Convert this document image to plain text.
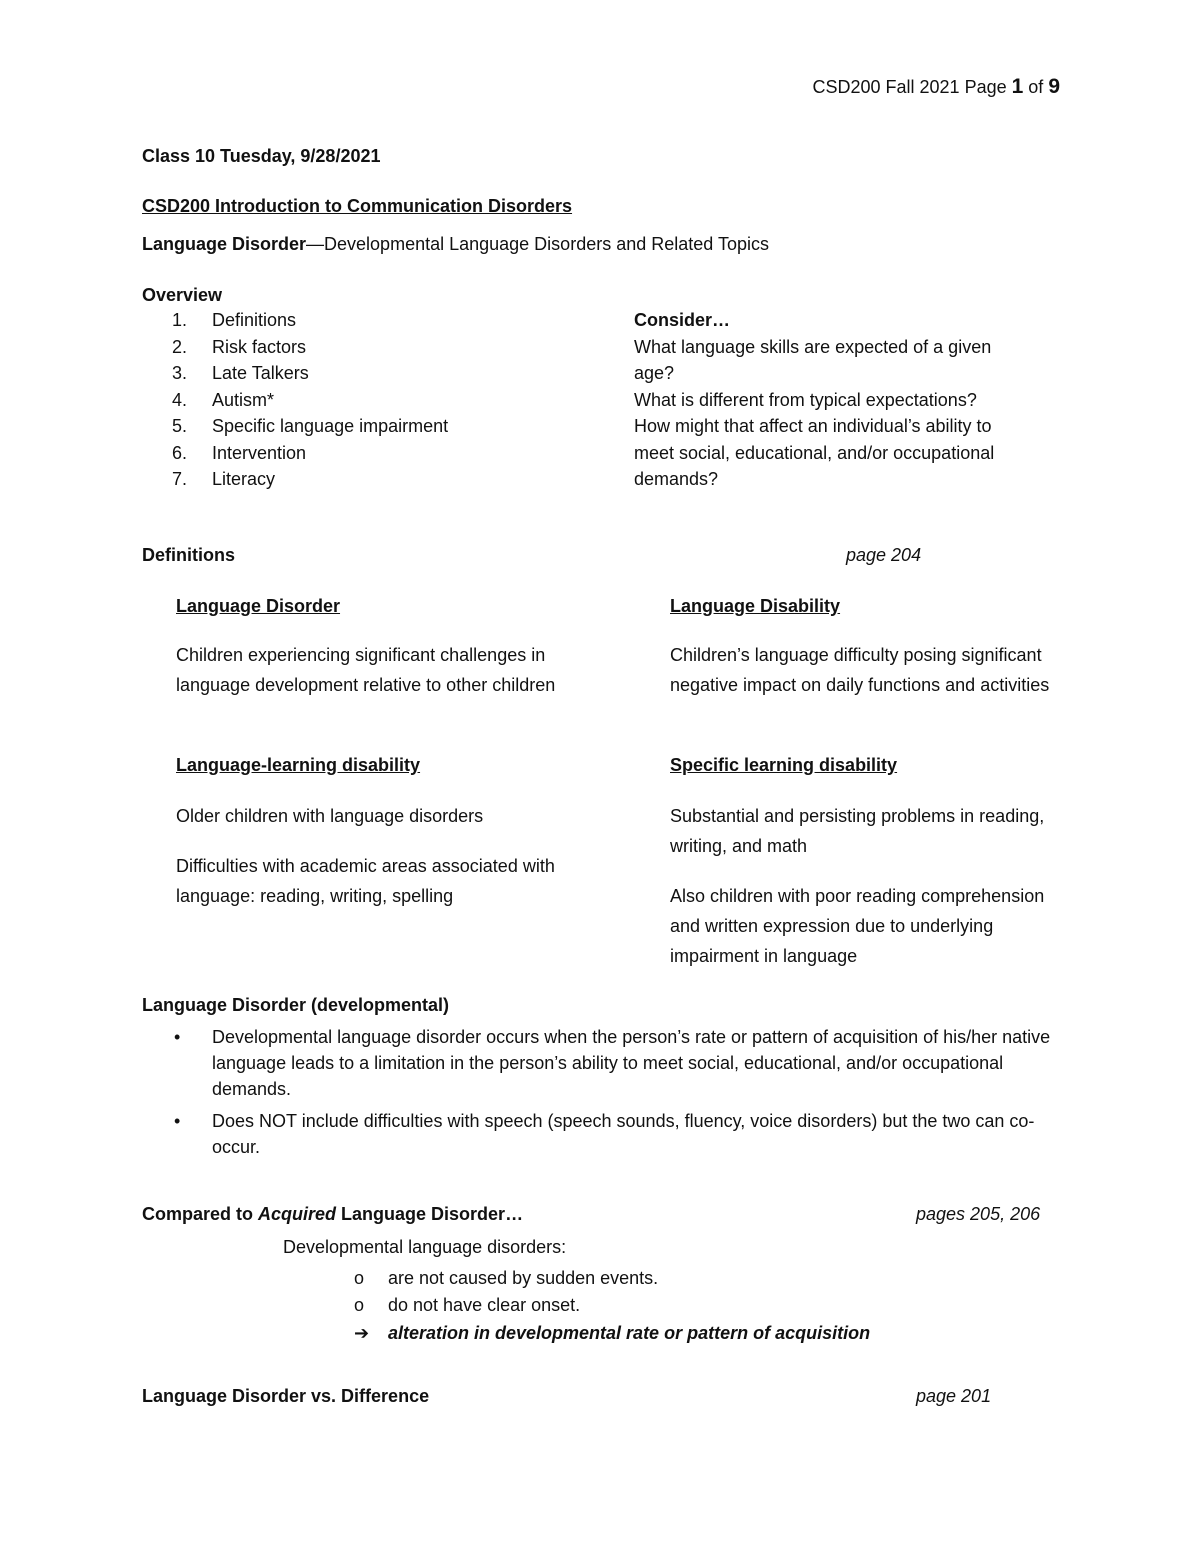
CSD200 Fall 2021 Page 1 of 9
Class 10 Tuesday, 9/28/2021
CSD200 Introduction to Communication Disorders
Language Disorder—Developmental Language Disorders and Related Topics
Overview
1.	Definitions
2.	Risk factors
3.	Late Talkers
4.	Autism*
5.	Specific language impairment
6.	Intervention
7.	Literacy

Consider…

What language skills are expected of a given
age?
What is different from typical expectations?
How might that affect an individual’s ability to
meet social, educational, and/or occupational
demands?
Definitions	page 204
Language Disorder

Children experiencing significant challenges in language development relative to other children

Language Disability

Children’s language difficulty posing significant negative impact on daily functions and activities

Language-learning disability

Older children with language disorders

Difficulties with academic areas associated with language: reading, writing, spelling

Specific learning disability

Substantial and persisting problems in reading, writing, and math

Also children with poor reading comprehension and written expression due to underlying impairment in language

Language Disorder (developmental)
• Developmental language disorder occurs when the person’s rate or pattern of acquisition of his/her native language leads to a limitation in the person’s ability to meet social, educational, and/or occupational demands.
• Does NOT include difficulties with speech (speech sounds, fluency, voice disorders) but the two can co-occur.
Compared to Acquired Language Disorder…	pages 205, 206
Developmental language disorders:
o are not caused by sudden events.
o do not have clear onset.
➔ alteration in developmental rate or pattern of acquisition
Language Disorder vs. Difference	page 201
